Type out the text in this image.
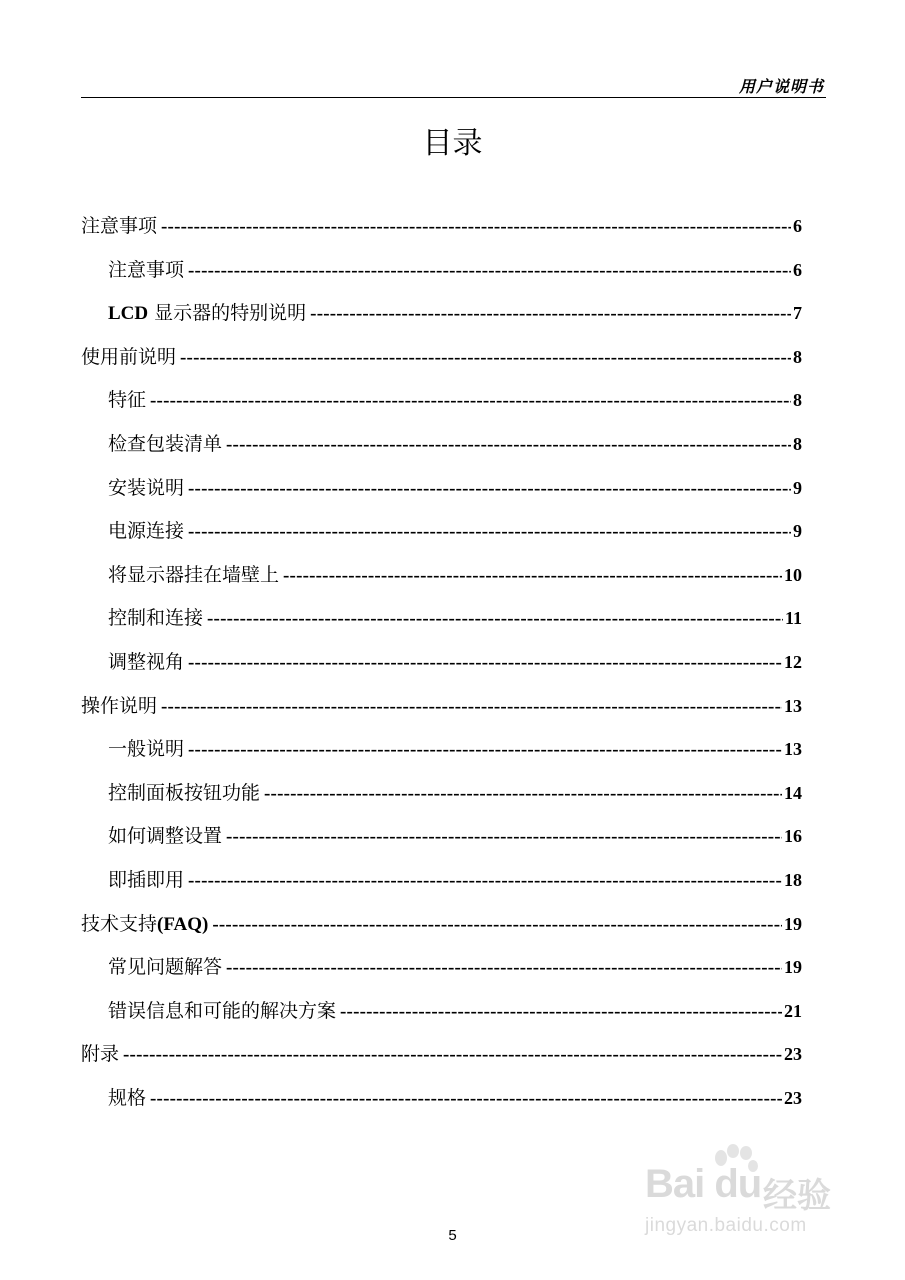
用户说明书
目录
注意事项 -----	6
注意事项 -----	6
LCD 显示器的特别说明 -----	7
使用前说明 -----	8
特征 -----	8
检查包装清单 -----	8
安装说明 -----	9
电源连接 -----	9
将显示器挂在墙壁上 -----	10
控制和连接 -----	11
调整视角 -----	12
操作说明 -----	13
一般说明 -----	13
控制面板按钮功能 -----	14
如何调整设置 -----	16
即插即用 -----	18
技术支持(FAQ) -----	19
常见问题解答 -----	19
错误信息和可能的解决方案 -----	21
附录 -----	23
规格 -----	23
5
Bai du 经验
jingyan.baidu.com
